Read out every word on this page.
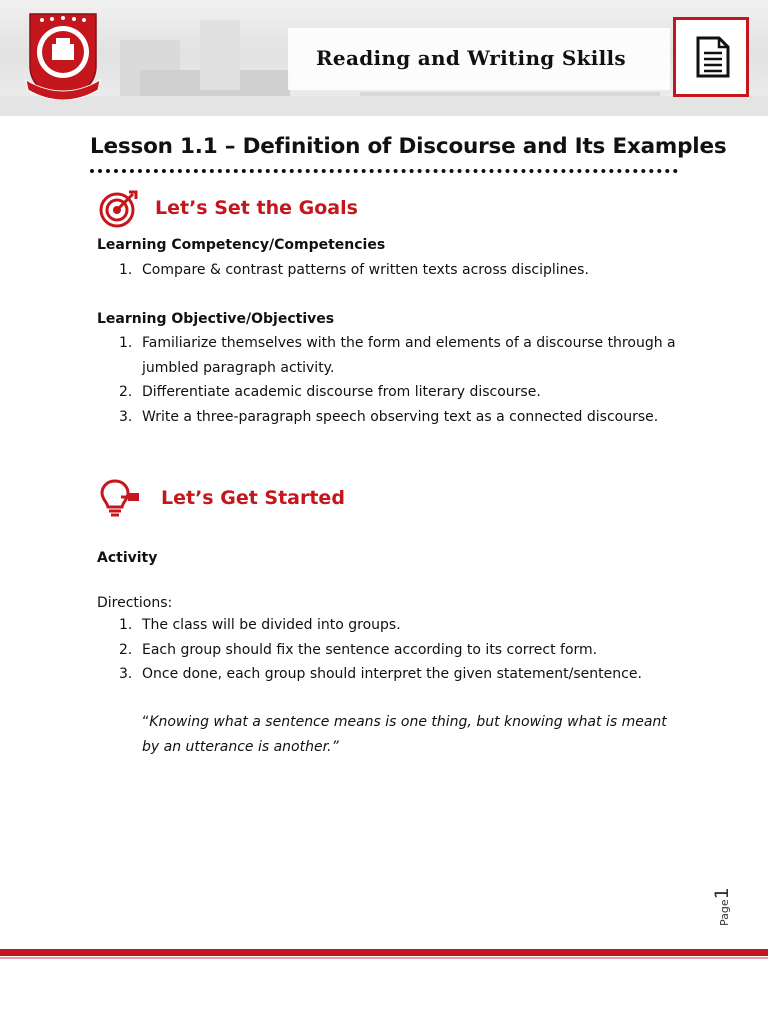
Reading and Writing Skills
Lesson 1.1 – Definition of Discourse and Its Examples
Let’s Set the Goals
Learning Competency/Competencies
1. Compare & contrast patterns of written texts across disciplines.
Learning Objective/Objectives
1. Familiarize themselves with the form and elements of a discourse through a jumbled paragraph activity.
2. Differentiate academic discourse from literary discourse.
3. Write a three-paragraph speech observing text as a connected discourse.
Let’s Get Started
Activity
Directions:
1. The class will be divided into groups.
2. Each group should fix the sentence according to its correct form.
3. Once done, each group should interpret the given statement/sentence.
“Knowing what a sentence means is one thing, but knowing what is meant by an utterance is another.”
Page1
